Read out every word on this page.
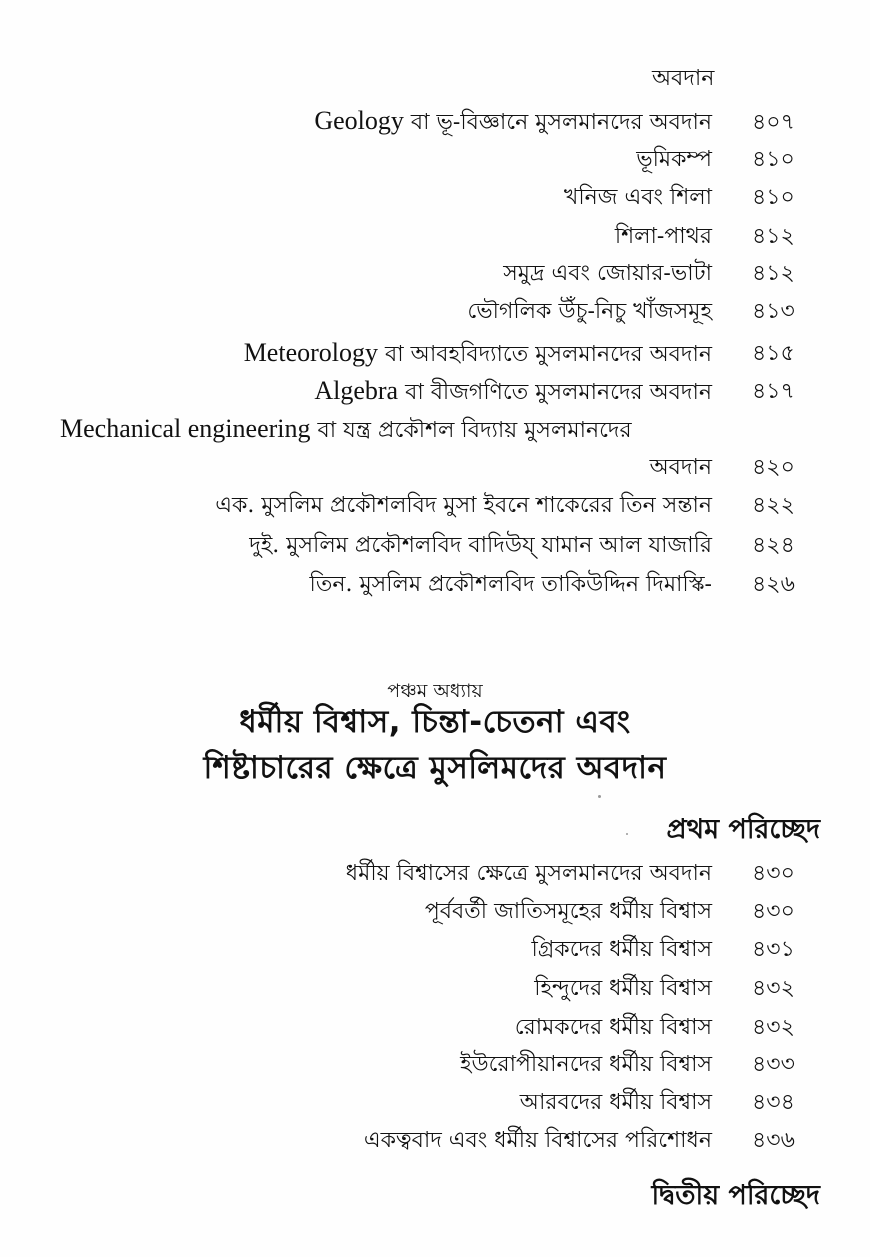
অবদান
Geology বা ভূ-বিজ্ঞানে মুসলমানদের অবদান ৪০৭
ভূমিকম্প ৪১০
খনিজ এবং শিলা ৪১০
শিলা-পাথর ৪১২
সমুদ্র এবং জোয়ার-ভাটা ৪১২
ভৌগলিক উঁচু-নিচু খাঁজসমূহ ৪১৩
Meteorology বা আবহবিদ্যাতে মুসলমানদের অবদান ৪১৫
Algebra বা বীজগণিতে মুসলমানদের অবদান ৪১৭
Mechanical engineering বা যন্ত্র প্রকৌশল বিদ্যায় মুসলমানদের
অবদান ৪২০
এক. মুসলিম প্রকৌশলবিদ মুসা ইবনে শাকেরের তিন সন্তান ৪২২
দুই. মুসলিম প্রকৌশলবিদ বাদিউয্ যামান আল যাজারি ৪২৪
তিন. মুসলিম প্রকৌশলবিদ তাকিউদ্দিন দিমাস্কি- ৪২৬
পঞ্চম অধ্যায়
ধর্মীয় বিশ্বাস, চিন্তা-চেতনা এবং
শিষ্টাচারের ক্ষেত্রে মুসলিমদের অবদান
প্রথম পরিচ্ছেদ
ধর্মীয় বিশ্বাসের ক্ষেত্রে মুসলমানদের অবদান ৪৩০
পূর্ববর্তী জাতিসমূহের ধর্মীয় বিশ্বাস ৪৩০
গ্রিকদের ধর্মীয় বিশ্বাস ৪৩১
হিন্দুদের ধর্মীয় বিশ্বাস ৪৩২
রোমকদের ধর্মীয় বিশ্বাস ৪৩২
ইউরোপীয়ানদের ধর্মীয় বিশ্বাস ৪৩৩
আরবদের ধর্মীয় বিশ্বাস ৪৩৪
একত্ববাদ এবং ধর্মীয় বিশ্বাসের পরিশোধন ৪৩৬
দ্বিতীয় পরিচ্ছেদ
